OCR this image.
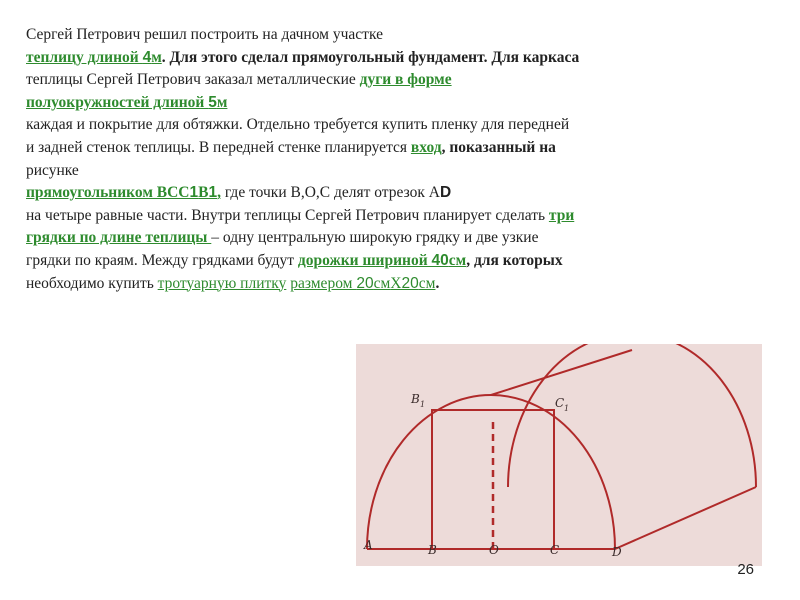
Сергей Петрович решил построить на дачном участке
теплицу длиной 4м. Для этого сделал прямоугольный фундамент. Для каркаса
теплицы Сергей Петрович заказал металлические дуги в форме
полуокружностей длиной 5м
каждая и покрытие для обтяжки. Отдельно требуется купить пленку для передней
и задней стенок теплицы. В передней стенке планируется вход, показанный на
рисунке
прямоугольником ВСС1В1, где точки В,О,С делят отрезок АD
на четыре равные части. Внутри теплицы Сергей Петрович планирует сделать три
грядки по длине теплицы – одну центральную широкую грядку и две узкие
грядки по краям. Между грядками будут дорожки шириной 40см, для которых
необходимо купить тротуарную плитку размером 20смХ20см.
A	B	O	C	D
B 1	C 1
26
